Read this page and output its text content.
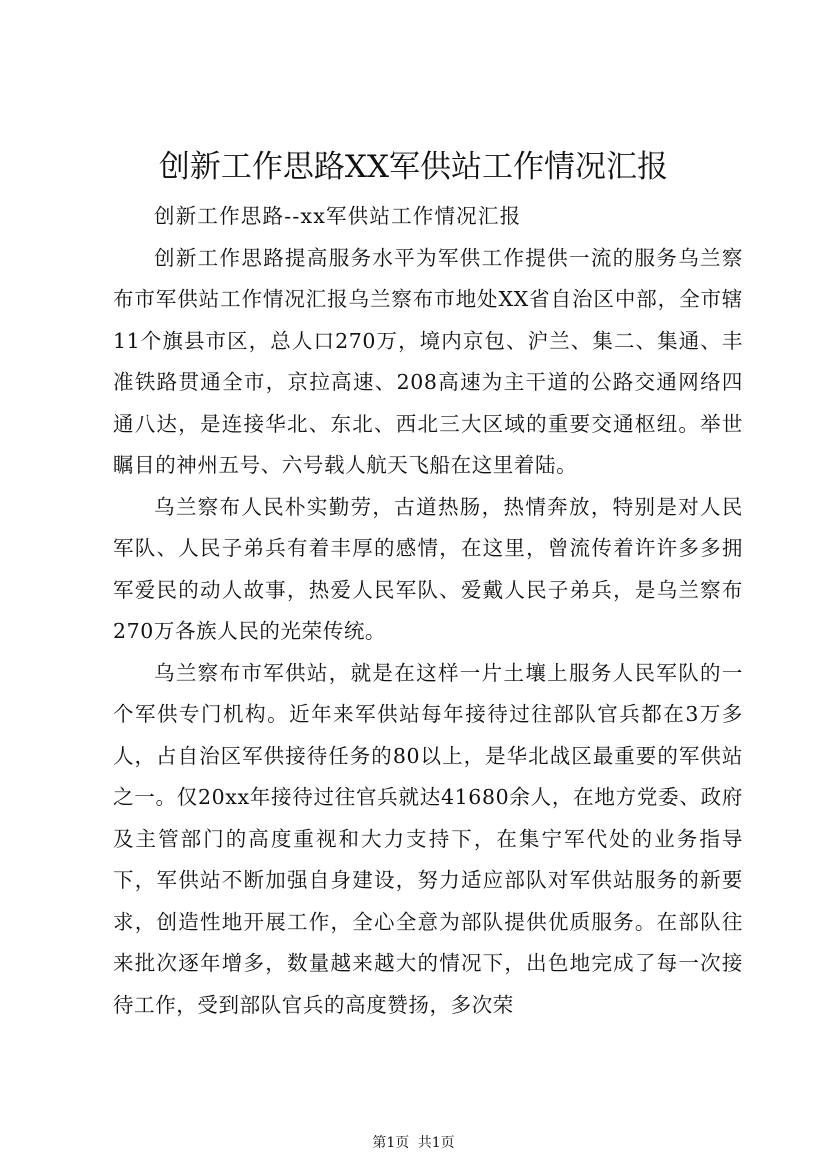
创新工作思路XX军供站工作情况汇报

创新工作思路--xx军供站工作情况汇报

创新工作思路提高服务水平为军供工作提供一流的服务乌兰察布市军供站工作情况汇报乌兰察布市地处XX省自治区中部，全市辖11个旗县市区，总人口270万，境内京包、沪兰、集二、集通、丰准铁路贯通全市，京拉高速、208高速为主干道的公路交通网络四通八达，是连接华北、东北、西北三大区域的重要交通枢纽。举世瞩目的神州五号、六号载人航天飞船在这里着陆。

乌兰察布人民朴实勤劳，古道热肠，热情奔放，特别是对人民军队、人民子弟兵有着丰厚的感情，在这里，曾流传着许许多多拥军爱民的动人故事，热爱人民军队、爱戴人民子弟兵，是乌兰察布270万各族人民的光荣传统。

乌兰察布市军供站，就是在这样一片土壤上服务人民军队的一个军供专门机构。近年来军供站每年接待过往部队官兵都在3万多人，占自治区军供接待任务的80以上，是华北战区最重要的军供站之一。仅20xx年接待过往官兵就达41680余人，在地方党委、政府及主管部门的高度重视和大力支持下，在集宁军代处的业务指导下，军供站不断加强自身建设，努力适应部队对军供站服务的新要求，创造性地开展工作，全心全意为部队提供优质服务。在部队往来批次逐年增多，数量越来越大的情况下，出色地完成了每一次接待工作，受到部队官兵的高度赞扬，多次荣

第1页 共1页
